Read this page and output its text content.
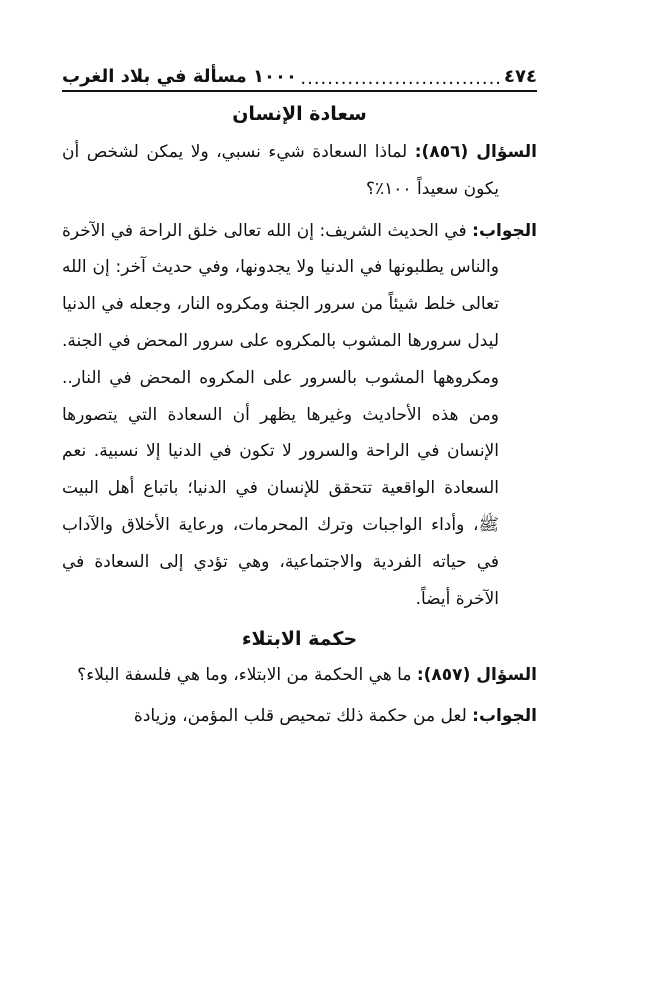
٤٧٤
..............................
١٠٠٠ مسألة في بلاد الغرب
سعادة الإنسان

السؤال (٨٥٦): لماذا السعادة شيء نسبي، ولا يمكن لشخص أن يكون سعيداً ١٠٠٪؟

الجواب: في الحديث الشريف: إن الله تعالى خلق الراحة في الآخرة والناس يطلبونها في الدنيا ولا يجدونها، وفي حديث آخر: إن الله تعالى خلط شيئاً من سرور الجنة ومكروه النار، وجعله في الدنيا ليدل سرورها المشوب بالمكروه على سرور المحض في الجنة. ومكروهها المشوب بالسرور على المكروه المحض في النار.. ومن هذه الأحاديث وغيرها يظهر أن السعادة التي يتصورها الإنسان في الراحة والسرور لا تكون في الدنيا إلا نسبية. نعم السعادة الواقعية تتحقق للإنسان في الدنيا؛ باتباع أهل البيت ﷺ، وأداء الواجبات وترك المحرمات، ورعاية الأخلاق والآداب في حياته الفردية والاجتماعية، وهي تؤدي إلى السعادة في الآخرة أيضاً.

حكمة الابتلاء

السؤال (٨٥٧): ما هي الحكمة من الابتلاء، وما هي فلسفة البلاء؟

الجواب: لعل من حكمة ذلك تمحيص قلب المؤمن، وزيادة
